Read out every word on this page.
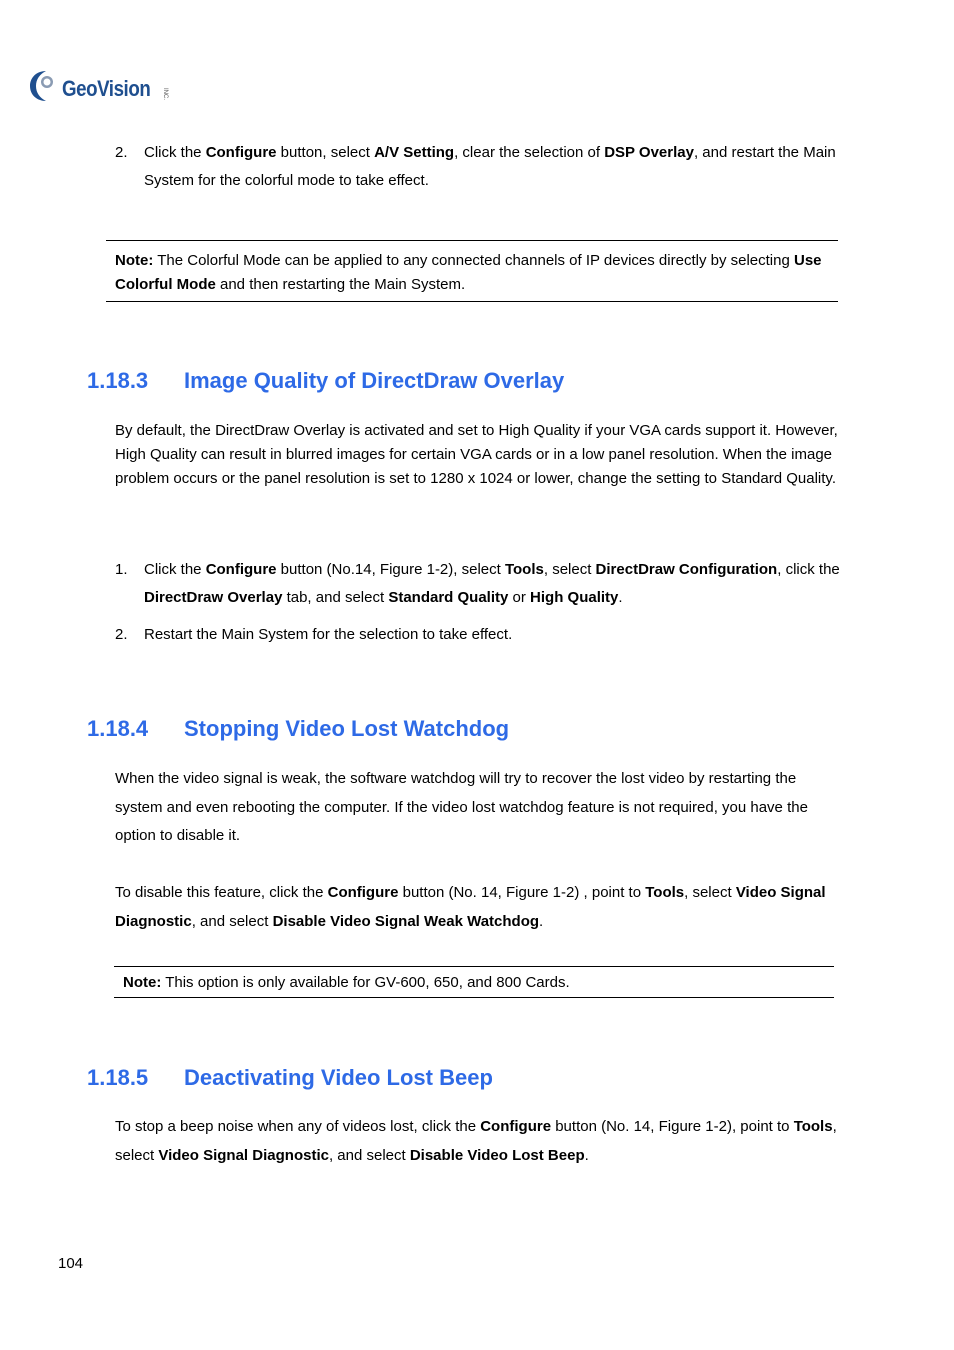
GeoVision INC.
2. Click the Configure button, select A/V Setting, clear the selection of DSP Overlay, and restart the Main System for the colorful mode to take effect.
Note: The Colorful Mode can be applied to any connected channels of IP devices directly by selecting Use Colorful Mode and then restarting the Main System.
1.18.3 Image Quality of DirectDraw Overlay
By default, the DirectDraw Overlay is activated and set to High Quality if your VGA cards support it. However, High Quality can result in blurred images for certain VGA cards or in a low panel resolution. When the image problem occurs or the panel resolution is set to 1280 x 1024 or lower, change the setting to Standard Quality.
1. Click the Configure button (No.14, Figure 1-2), select Tools, select DirectDraw Configuration, click the DirectDraw Overlay tab, and select Standard Quality or High Quality.
2. Restart the Main System for the selection to take effect.
1.18.4 Stopping Video Lost Watchdog
When the video signal is weak, the software watchdog will try to recover the lost video by restarting the system and even rebooting the computer. If the video lost watchdog feature is not required, you have the option to disable it.
To disable this feature, click the Configure button (No. 14, Figure 1-2) , point to Tools, select Video Signal Diagnostic, and select Disable Video Signal Weak Watchdog.
Note: This option is only available for GV-600, 650, and 800 Cards.
1.18.5 Deactivating Video Lost Beep
To stop a beep noise when any of videos lost, click the Configure button (No. 14, Figure 1-2), point to Tools, select Video Signal Diagnostic, and select Disable Video Lost Beep.
104
